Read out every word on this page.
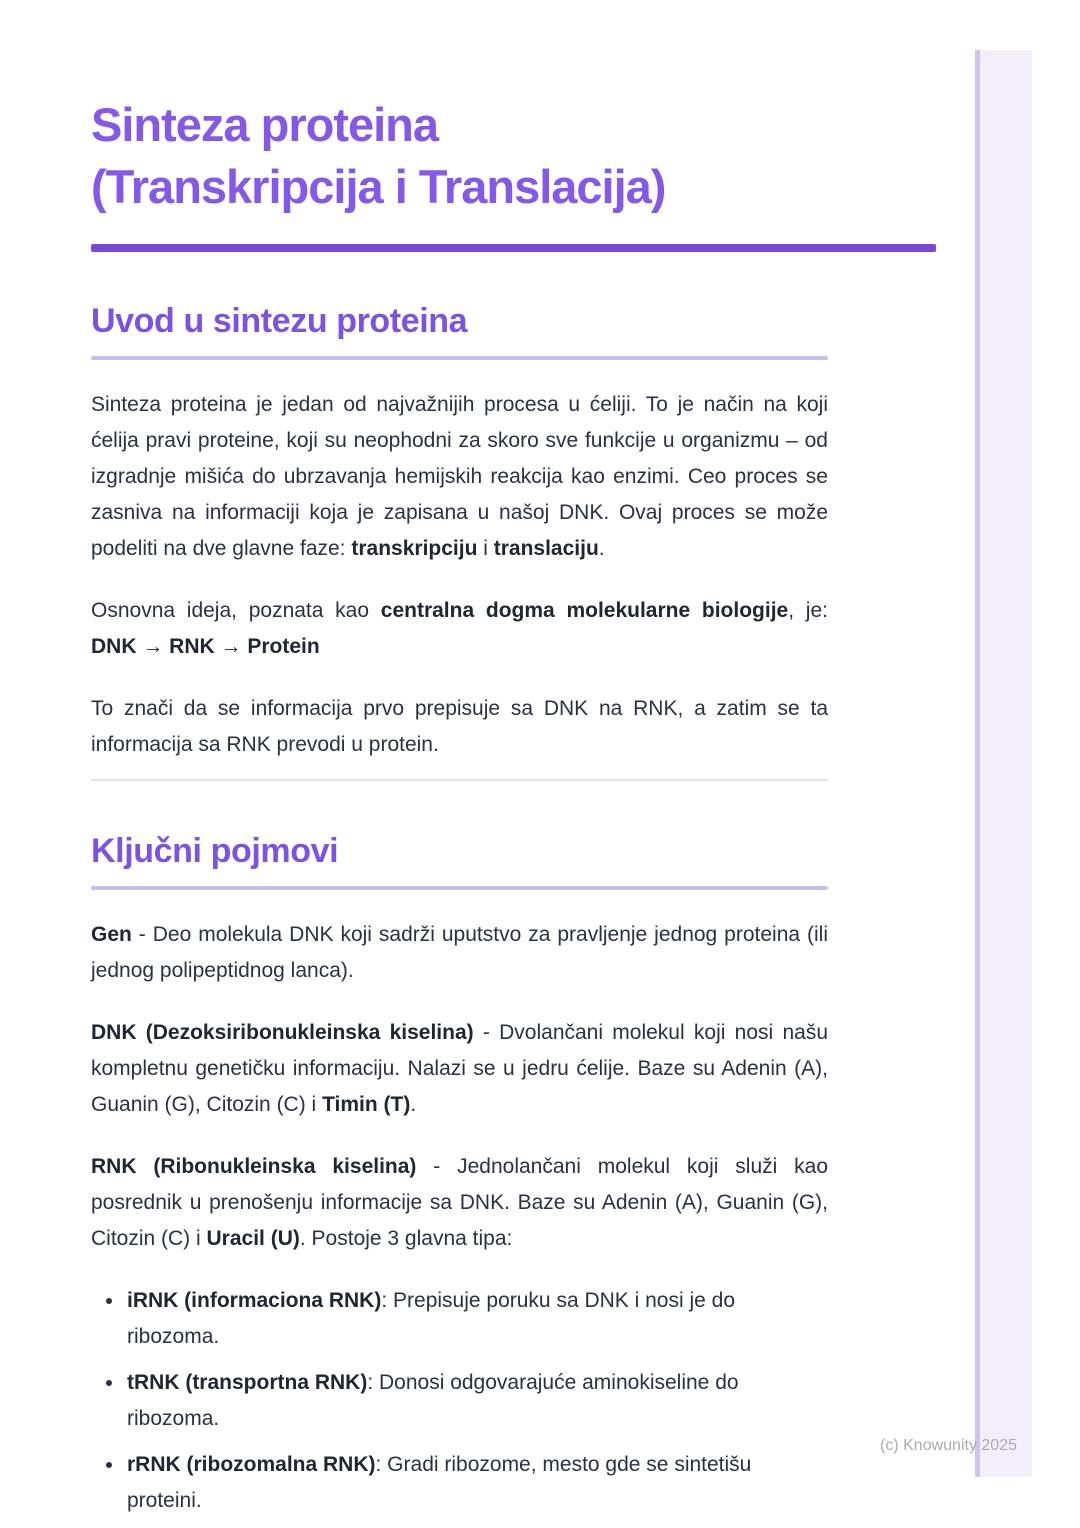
Sinteza proteina
(Transkripcija i Translacija)
Uvod u sintezu proteina

Sinteza proteina je jedan od najvažnijih procesa u ćeliji. To je način na koji ćelija pravi proteine, koji su neophodni za skoro sve funkcije u organizmu – od izgradnje mišića do ubrzavanja hemijskih reakcija kao enzimi. Ceo proces se zasniva na informaciji koja je zapisana u našoj DNK. Ovaj proces se može podeliti na dve glavne faze: transkripciju i translaciju.

Osnovna ideja, poznata kao centralna dogma molekularne biologije, je: DNK → RNK → Protein

To znači da se informacija prvo prepisuje sa DNK na RNK, a zatim se ta informacija sa RNK prevodi u protein.

Ključni pojmovi

Gen - Deo molekula DNK koji sadrži uputstvo za pravljenje jednog proteina (ili jednog polipeptidnog lanca).

DNK (Dezoksiribonukleinska kiselina) - Dvolančani molekul koji nosi našu kompletnu genetičku informaciju. Nalazi se u jedru ćelije. Baze su Adenin (A), Guanin (G), Citozin (C) i Timin (T).

RNK (Ribonukleinska kiselina) - Jednolančani molekul koji služi kao posrednik u prenošenju informacije sa DNK. Baze su Adenin (A), Guanin (G), Citozin (C) i Uracil (U). Postoje 3 glavna tipa:

• iRNK (informaciona RNK): Prepisuje poruku sa DNK i nosi je do ribozoma.
• tRNK (transportna RNK): Donosi odgovarajuće aminokiseline do ribozoma.
• rRNK (ribozomalna RNK): Gradi ribozome, mesto gde se sintetišu proteini.
(c) Knowunity 2025
